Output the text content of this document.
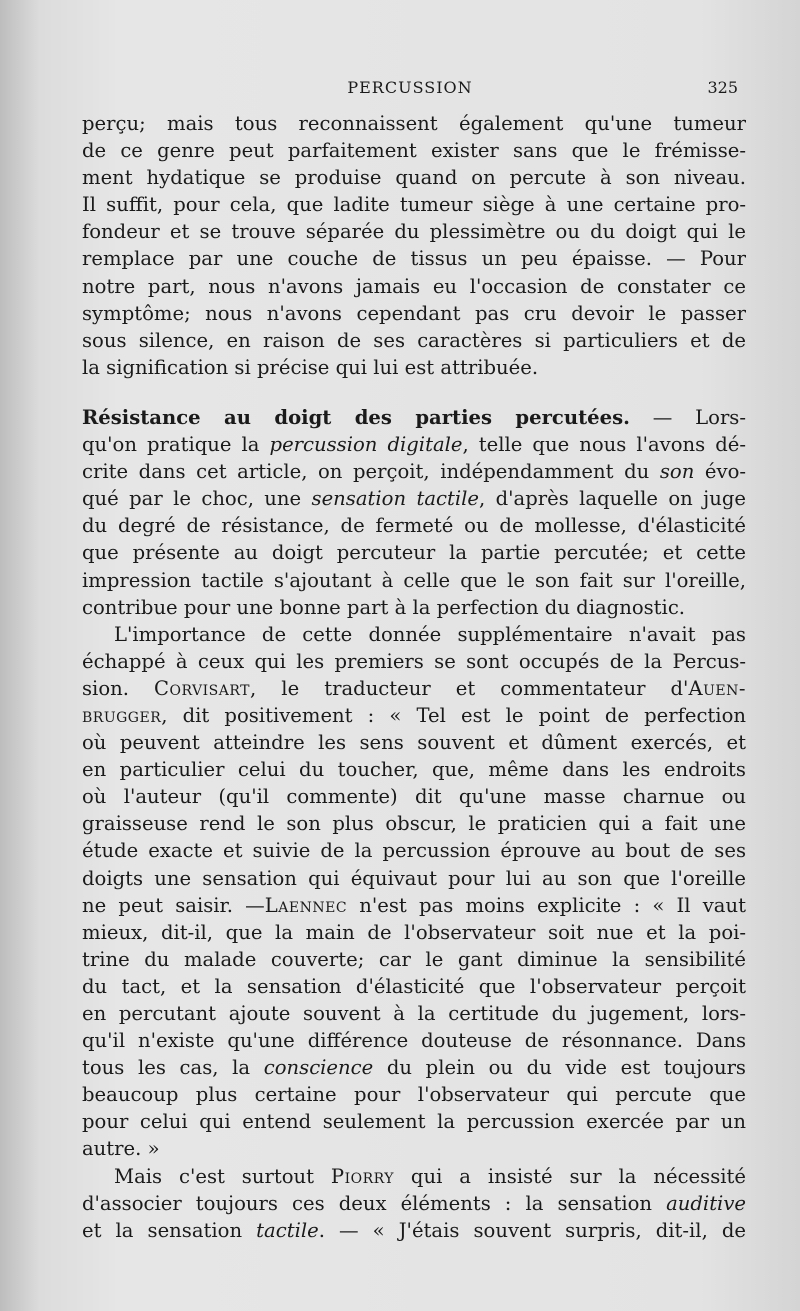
PERCUSSION	325
perçu; mais tous reconnaissent également qu'une tumeur
de ce genre peut parfaitement exister sans que le frémisse-
ment hydatique se produise quand on percute à son niveau.
Il suffit, pour cela, que ladite tumeur siège à une certaine pro-
fondeur et se trouve séparée du plessimètre ou du doigt qui le
remplace par une couche de tissus un peu épaisse. — Pour
notre part, nous n'avons jamais eu l'occasion de constater ce
symptôme; nous n'avons cependant pas cru devoir le passer
sous silence, en raison de ses caractères si particuliers et de
la signification si précise qui lui est attribuée.
Résistance au doigt des parties percutées. — Lors-
qu'on pratique la percussion digitale, telle que nous l'avons dé-
crite dans cet article, on perçoit, indépendamment du son évo-
qué par le choc, une sensation tactile, d'après laquelle on juge
du degré de résistance, de fermeté ou de mollesse, d'élasticité
que présente au doigt percuteur la partie percutée; et cette
impression tactile s'ajoutant à celle que le son fait sur l'oreille,
contribue pour une bonne part à la perfection du diagnostic.
L'importance de cette donnée supplémentaire n'avait pas
échappé à ceux qui les premiers se sont occupés de la Percus-
sion. Corvisart, le traducteur et commentateur d'Auen-
brugger, dit positivement : « Tel est le point de perfection
où peuvent atteindre les sens souvent et dûment exercés, et
en particulier celui du toucher, que, même dans les endroits
où l'auteur (qu'il commente) dit qu'une masse charnue ou
graisseuse rend le son plus obscur, le praticien qui a fait une
étude exacte et suivie de la percussion éprouve au bout de ses
doigts une sensation qui équivaut pour lui au son que l'oreille
ne peut saisir. —Laennec n'est pas moins explicite : « Il vaut
mieux, dit-il, que la main de l'observateur soit nue et la poi-
trine du malade couverte; car le gant diminue la sensibilité
du tact, et la sensation d'élasticité que l'observateur perçoit
en percutant ajoute souvent à la certitude du jugement, lors-
qu'il n'existe qu'une différence douteuse de résonnance. Dans
tous les cas, la conscience du plein ou du vide est toujours
beaucoup plus certaine pour l'observateur qui percute que
pour celui qui entend seulement la percussion exercée par un
autre. »
Mais c'est surtout Piorry qui a insisté sur la nécessité
d'associer toujours ces deux éléments : la sensation auditive
et la sensation tactile. — « J'étais souvent surpris, dit-il, de
